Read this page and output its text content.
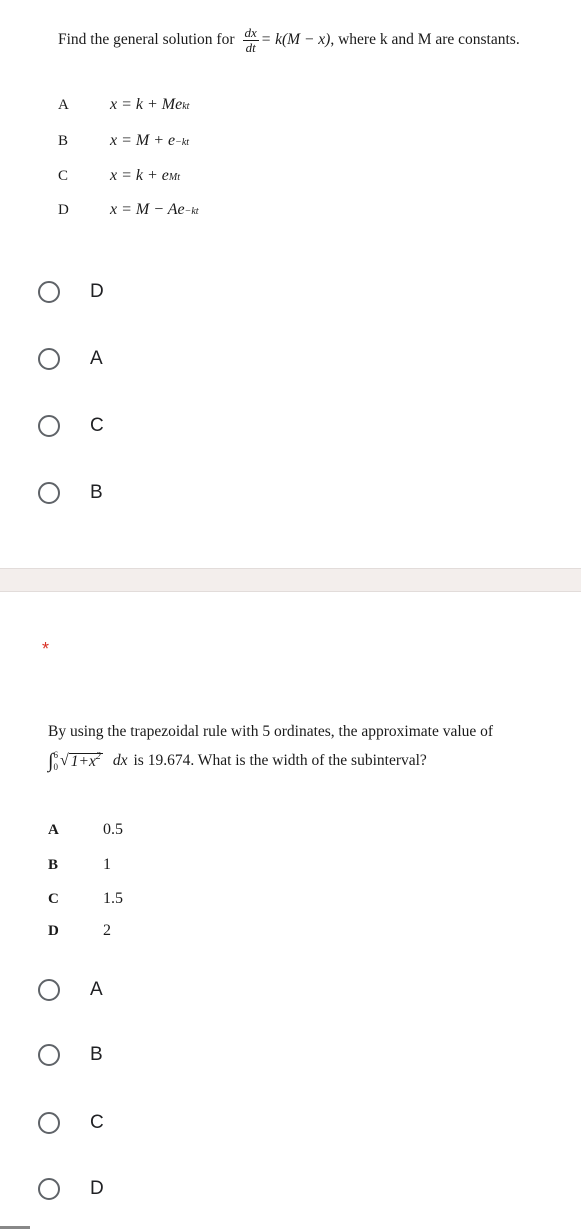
Find the general solution for $\frac{dx}{dt} = k(M - x)$ , where k and M are constants.
A	x = k + Me kt
B	x = M + e −kt
C	x = k + e Mt
D	x = M − Ae −kt
D
A
C
B
*
By using the trapezoidal rule with 5 ordinates, the approximate value of
∫ 6
0 √ $1+x^2$ dx is 19.674. What is the width of the subinterval?
A	0.5
B	1
C	1.5
D	2
A
B
C
D
